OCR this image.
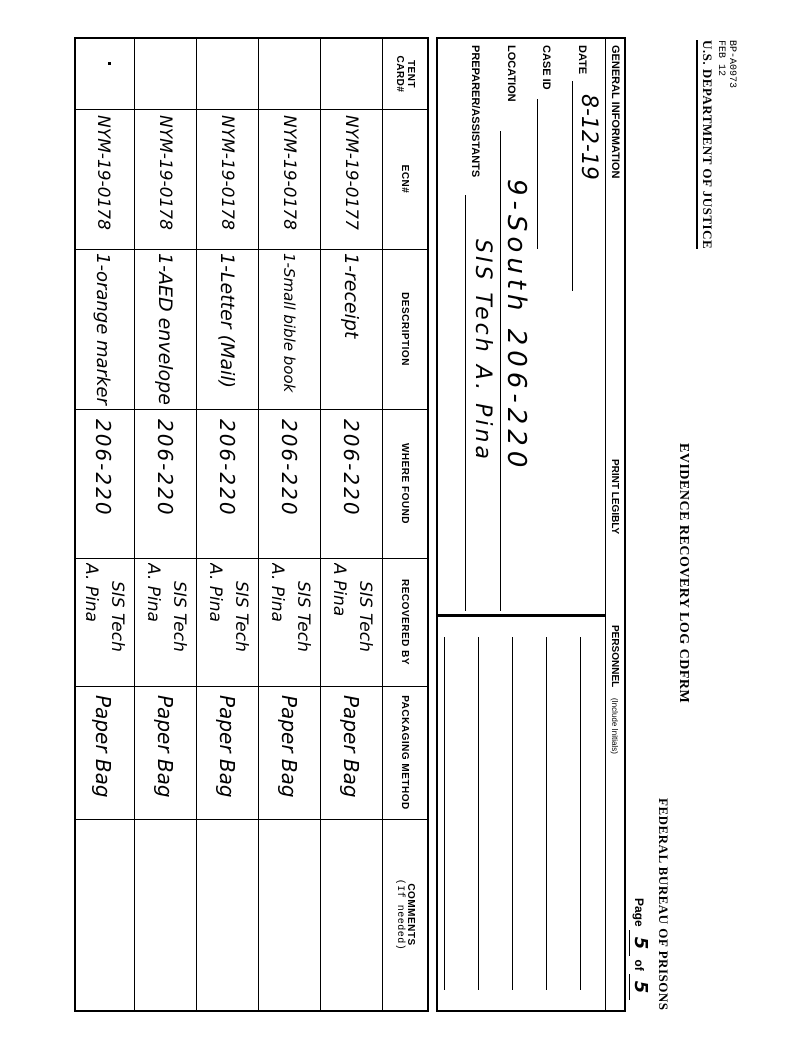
BP-A0973
FEB 12
U.S. DEPARTMENT OF JUSTICE
EVIDENCE RECOVERY LOG CDFRM
FEDERAL BUREAU OF PRISONS
Page 5 of 5
GENERAL INFORMATION
PRINT LEGIBLY
PERSONNEL (Include Initials)
DATE
8-12-19
CASE ID
LOCATION
9-South 206-220
PREPARER/ASSISTANTS
SIS Tech A. Pina
TENT CARD#
ECN#
DESCRIPTION
WHERE FOUND
RECOVERED BY
PACKAGING METHOD
COMMENTS
(If needed)
NYM-19-0177
1-receipt
206-220
SIS Tech
A Pina
Paper Bag
NYM-19-0178
1-Small bible book
206-220
SIS Tech
A. Pina
Paper Bag
NYM-19-0178
1-Letter (Mail)
206-220
SIS Tech
A. Pina
Paper Bag
NYM-19-0178
1-AED envelope
206-220
SIS Tech
A. Pina
Paper Bag
NYM-19-0178
1-orange marker
206-220
SIS Tech
A. Pina
Paper Bag
